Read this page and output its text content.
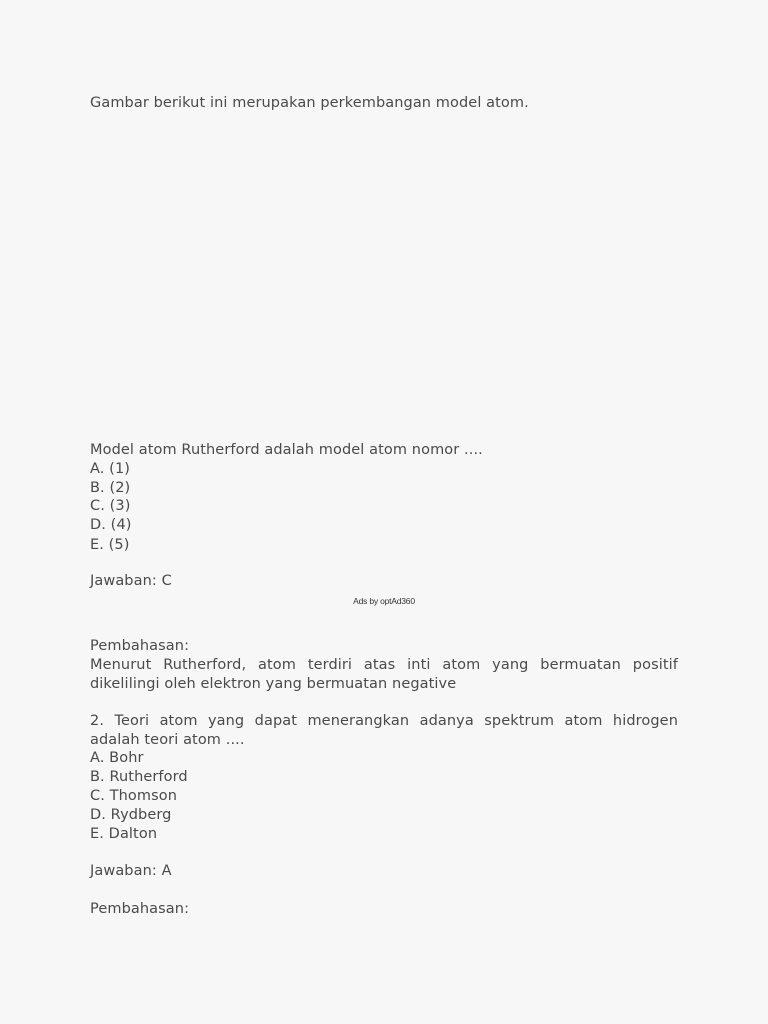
Gambar berikut ini merupakan perkembangan model atom.
Model atom Rutherford adalah model atom nomor ....
A. (1)
B. (2)
C. (3)
D. (4)
E. (5)
Jawaban: C
Ads by optAd360
Pembahasan:
Menurut Rutherford, atom terdiri atas inti atom yang bermuatan positif
dikelilingi oleh elektron yang bermuatan negative
2. Teori atom yang dapat menerangkan adanya spektrum atom hidrogen
adalah teori atom ....
A. Bohr
B. Rutherford
C. Thomson
D. Rydberg
E. Dalton
Jawaban: A
Pembahasan:
